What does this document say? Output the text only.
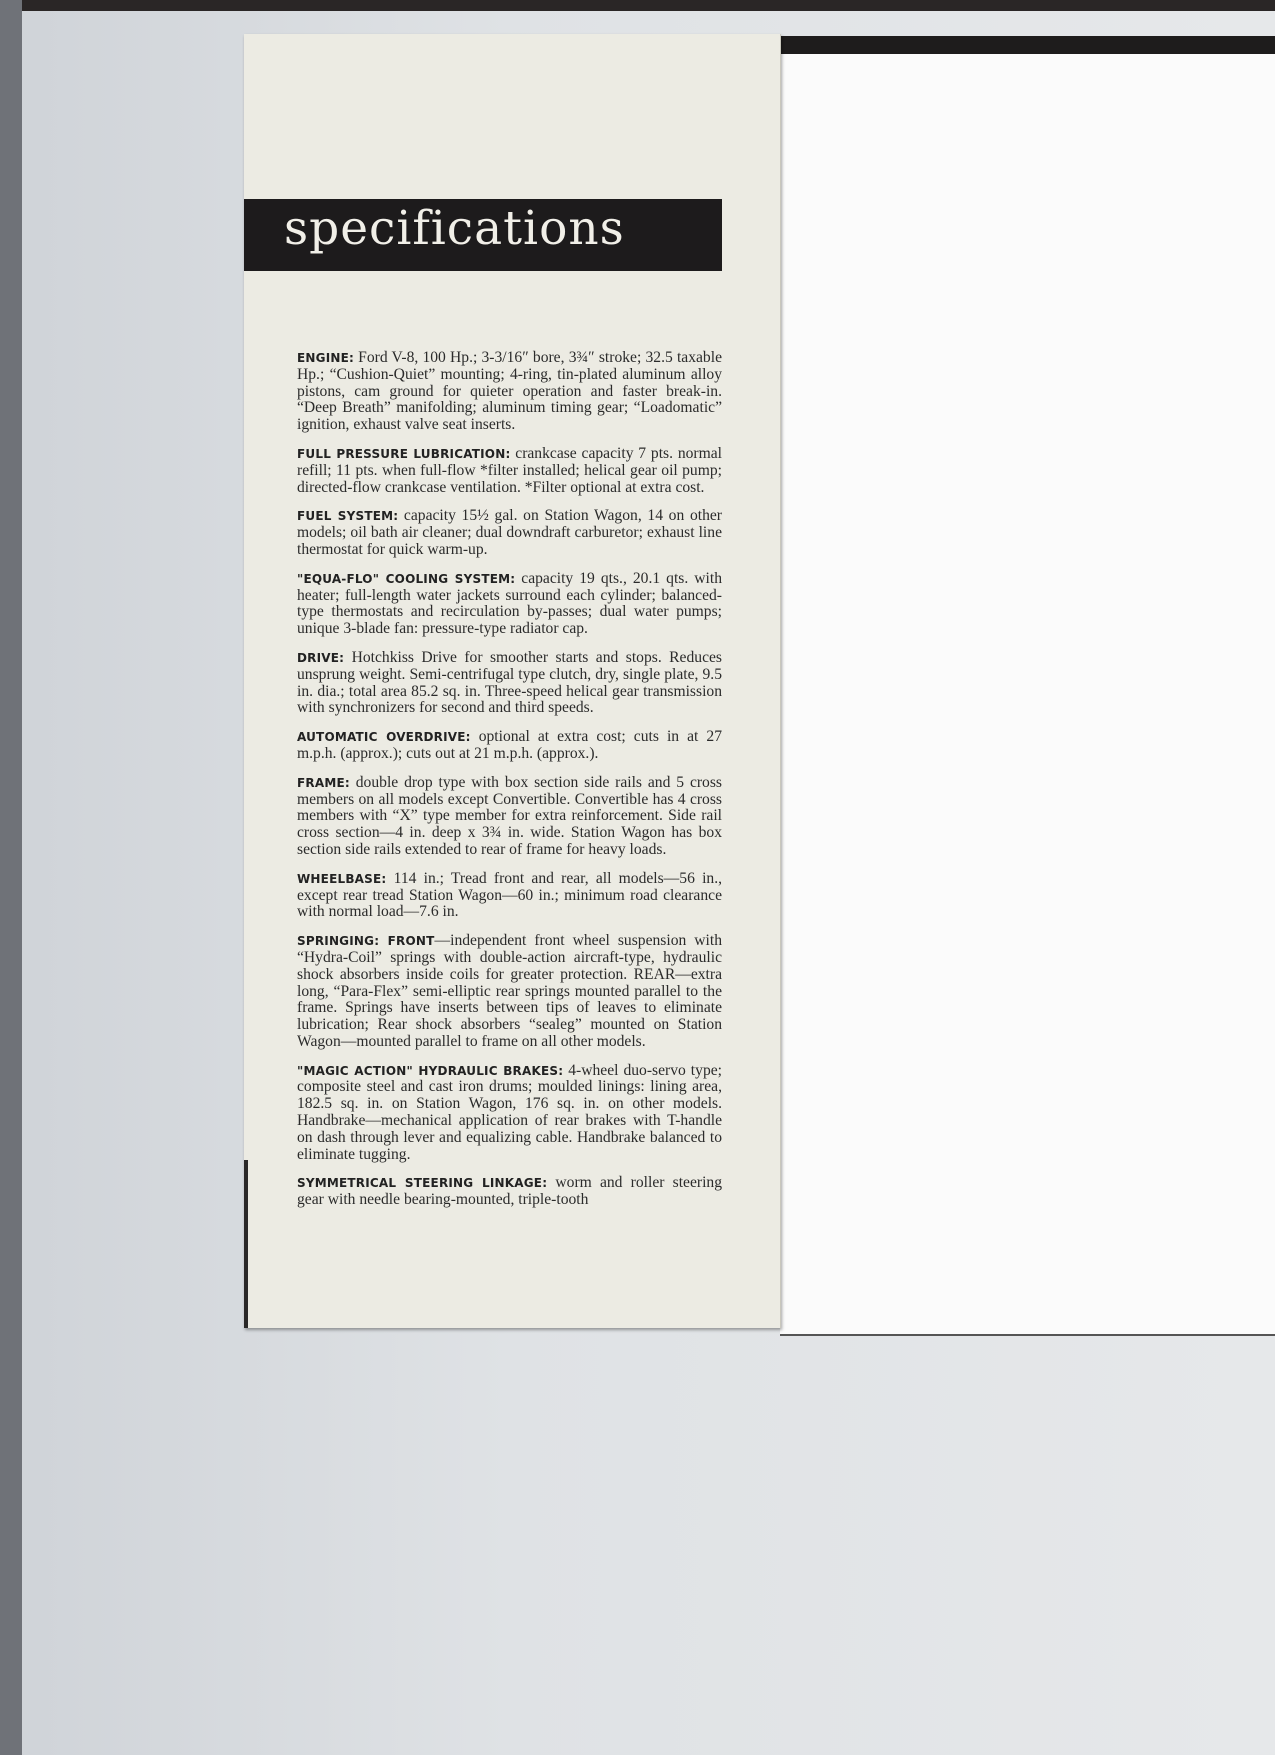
specifications

ENGINE: Ford V-8, 100 Hp.; 3-3/16″ bore, 3¾″ stroke; 32.5 taxable Hp.; “Cushion-Quiet” mounting; 4-ring, tin-plated aluminum alloy pistons, cam ground for quieter operation and faster break-in. “Deep Breath” manifolding; aluminum timing gear; “Loadomatic” ignition, exhaust valve seat inserts.

FULL PRESSURE LUBRICATION: crankcase capacity 7 pts. normal refill; 11 pts. when full-flow *filter installed; helical gear oil pump; directed-flow crankcase ventilation. *Filter optional at extra cost.

FUEL SYSTEM: capacity 15½ gal. on Station Wagon, 14 on other models; oil bath air cleaner; dual downdraft carburetor; exhaust line thermostat for quick warm-up.

"EQUA-FLO" COOLING SYSTEM: capacity 19 qts., 20.1 qts. with heater; full-length water jackets surround each cylinder; balanced-type thermostats and recirculation by-passes; dual water pumps; unique 3-blade fan: pressure-type radiator cap.

DRIVE: Hotchkiss Drive for smoother starts and stops. Reduces unsprung weight. Semi-centrifugal type clutch, dry, single plate, 9.5 in. dia.; total area 85.2 sq. in. Three-speed helical gear transmission with synchronizers for second and third speeds.

AUTOMATIC OVERDRIVE: optional at extra cost; cuts in at 27 m.p.h. (approx.); cuts out at 21 m.p.h. (approx.).

FRAME: double drop type with box section side rails and 5 cross members on all models except Convertible. Convertible has 4 cross members with “X” type member for extra reinforcement. Side rail cross section—4 in. deep x 3¾ in. wide. Station Wagon has box section side rails extended to rear of frame for heavy loads.

WHEELBASE: 114 in.; Tread front and rear, all models—56 in., except rear tread Station Wagon—60 in.; minimum road clearance with normal load—7.6 in.

SPRINGING: FRONT—independent front wheel suspension with “Hydra-Coil” springs with double-action aircraft-type, hydraulic shock absorbers inside coils for greater protection. REAR—extra long, “Para-Flex” semi-elliptic rear springs mounted parallel to the frame. Springs have inserts between tips of leaves to eliminate lubrication; Rear shock absorbers “sealeg” mounted on Station Wagon—mounted parallel to frame on all other models.

"MAGIC ACTION" HYDRAULIC BRAKES: 4-wheel duo-servo type; composite steel and cast iron drums; moulded linings: lining area, 182.5 sq. in. on Station Wagon, 176 sq. in. on other models. Handbrake—mechanical application of rear brakes with T-handle on dash through lever and equalizing cable. Handbrake balanced to eliminate tugging.

SYMMETRICAL STEERING LINKAGE: worm and roller steering gear with needle bearing-mounted, triple-tooth
